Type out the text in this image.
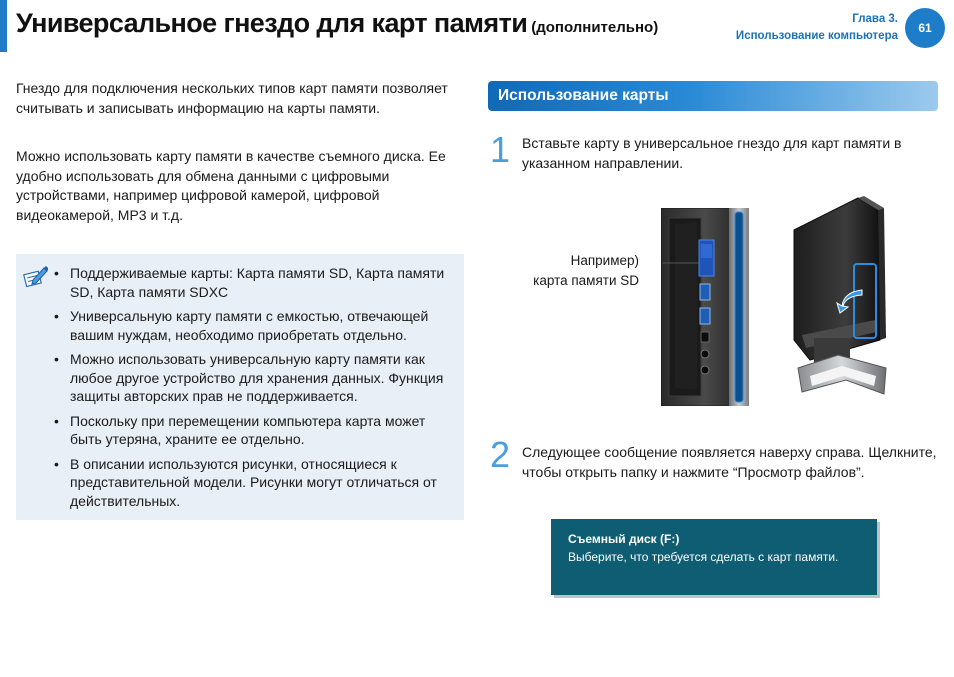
Универсальное гнездо для карт памяти (дополнительно)	Глава 3.
Использование компьютера
61

Гнездо для подключения нескольких типов карт памяти позволяет считывать и записывать информацию на карты памяти.

Можно использовать карту памяти в качестве съемного диска. Ее удобно использовать для обмена данными с цифровыми устройствами, например цифровой камерой, цифровой видеокамерой, MP3 и т.д.

• Поддерживаемые карты: Карта памяти SD, Карта памяти SD, Карта памяти SDXC
• Универсальную карту памяти с емкостью, отвечающей вашим нуждам, необходимо приобретать отдельно.
• Можно использовать универсальную карту памяти как любое другое устройство для хранения данных. Функция защиты авторских прав не поддерживается.
• Поскольку при перемещении компьютера карта может быть утеряна, храните ее отдельно.
• В описании используются рисунки, относящиеся к представительной модели. Рисунки могут отличаться от действительных.
Использование карты
1 Вставьте карту в универсальное гнездо для карт памяти в указанном направлении.

Например)
карта памяти SD
2 Следующее сообщение появляется наверху справа. Щелкните, чтобы открыть папку и нажмите “Просмотр файлов”.

Съемный диск (F:)
Выберите, что требуется сделать с карт памяти.
